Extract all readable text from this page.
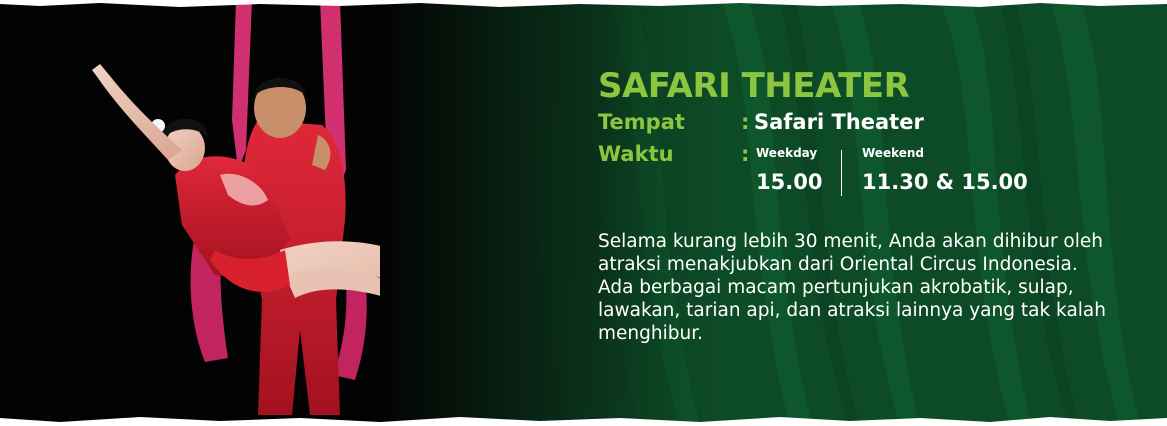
SAFARI THEATER
Tempat	: Safari Theater
Waktu	: Weekday
15.00
Weekend
11.30 & 15.00

Selama kurang lebih 30 menit, Anda akan dihibur oleh atraksi menakjubkan dari Oriental Circus Indonesia. Ada berbagai macam pertunjukan akrobatik, sulap, lawakan, tarian api, dan atraksi lainnya yang tak kalah menghibur.
